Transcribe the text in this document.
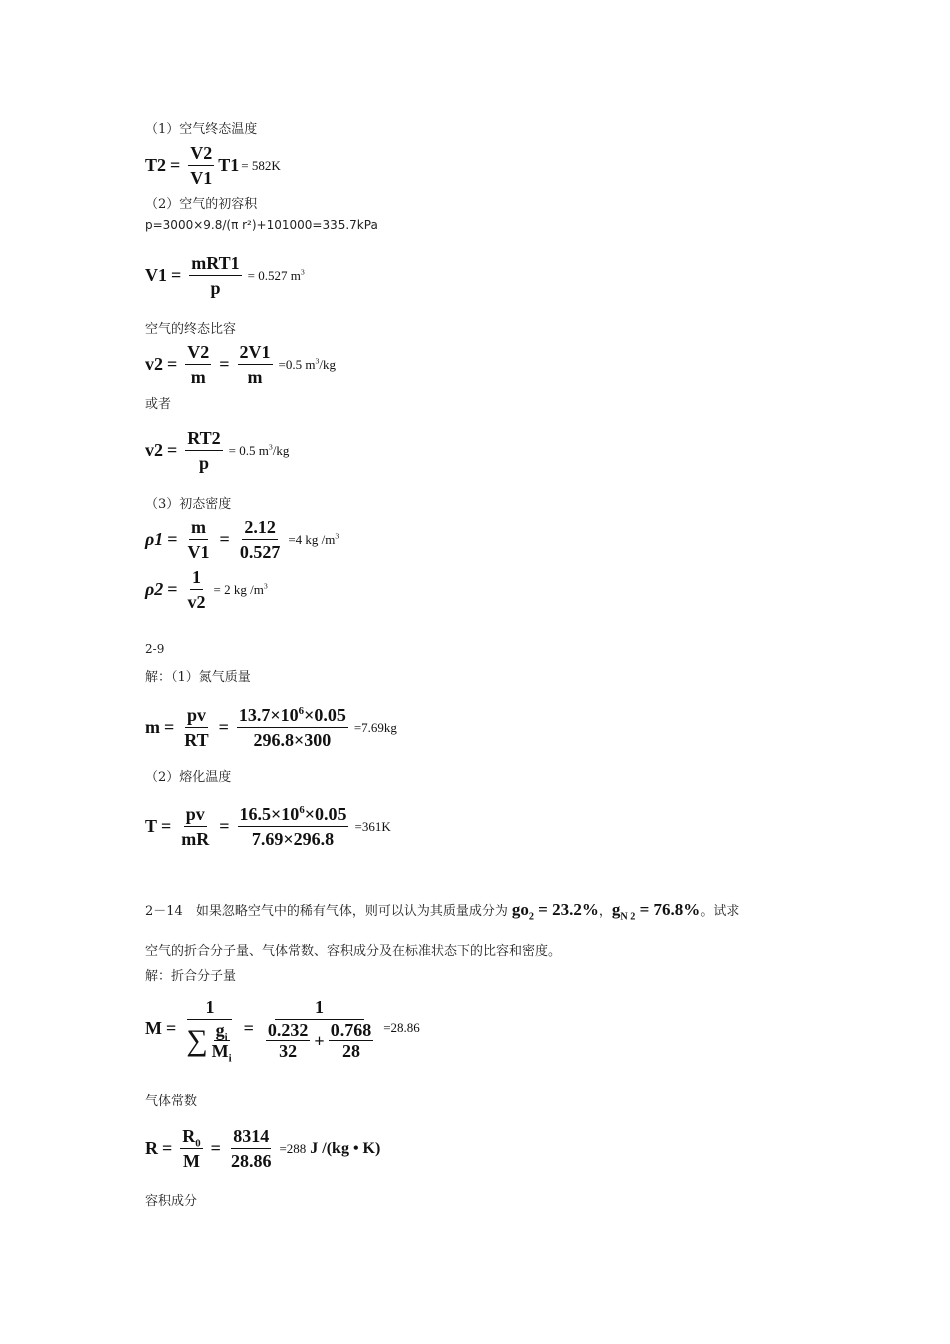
（1）空气终态温度
$T2 = \frac{V2}{V1} T1 = 582K$
（2）空气的初容积
p=3000×9.8/(π r²)+101000=335.7kPa
$V1 = \frac{\text{mRT1}}{p} = 0.527$ $m^3$
空气的终态比容
$v2 = \frac{V2}{m} = \frac{2V1}{m} =0.5$ $m^3/kg$
或者
$v2 = \frac{RT2}{p} = 0.5$ $m^3/kg$
（3）初态密度
$\rho 1 = \frac{m}{V1} = \frac{2.12}{0.527} =4$ kg $/m^3$
$\rho 2 = \frac{1}{v2} = 2$ kg $/m^3$
2-9
解：（1）氮气质量
$m = \frac{pv}{RT} = \frac{13.7\times 10^6\times 0.05}{296.8\times 300} =7.69kg$
（2）熔化温度
$T = \frac{pv}{mR} = \frac{16.5\times 10^6\times 0.05}{7.69\times 296.8} =361K$
2－14　如果忽略空气中的稀有气体，则可以认为其质量成分为 $go_2 = 23.2\%$ ， $g_{N 2} = 76.8\%$ 。试求
空气的折合分子量、气体常数、容积成分及在标准状态下的比容和密度。
解：折合分子量
$M = \frac{1}{\sum \frac{g_i}{M_i}}$ =
1
$\frac{0.232}{32} + \frac{0.768}{28} =28.86$
气体常数
$R = \frac{R_0}{M} = \frac{8314}{28.86} =288$ J /(kg • K)
容积成分
